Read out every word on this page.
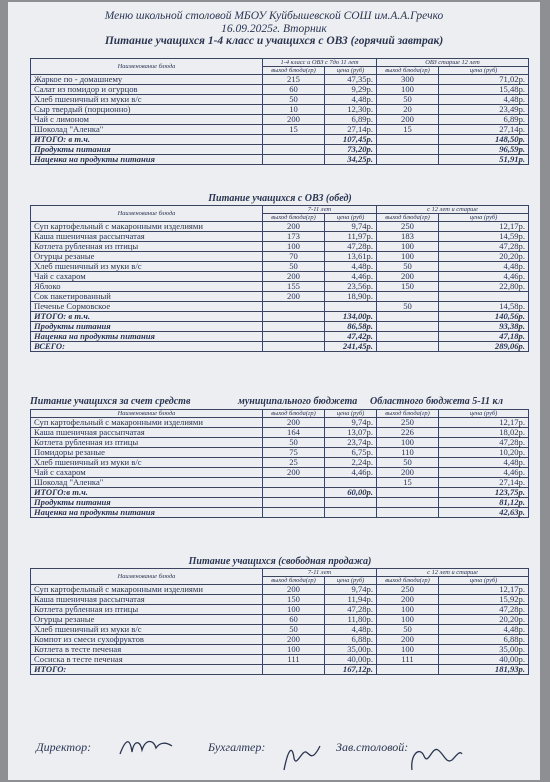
Меню школьной столовой МБОУ Куйбышевской СОШ им.А.А.Гречко
16.09.2025г. Вторник
Питание учащихся 1-4 класс и учащихся с ОВЗ (горячий завтрак)
Наименование блюда	1-4 класс и ОВЗ с 7до 11 лет		ОВЗ старше 12 лет	
	выход блюда(гр)	цена (руб)	выход блюда(гр)	цена (руб)
Жаркое по - домашнему	215	47,35р.	300	71,02р.
Салат из помидор и огурцов	60	9,29р.	100	15,48р.
Хлеб пшеничный из муки в/с	50	4,48р.	50	4,48р.
Сыр твердый (порционно)	10	12,30р.	20	23,49р.
Чай с лимоном	200	6,89р.	200	6,89р.
Шоколад "Аленка"	15	27,14р.	15	27,14р.
ИТОГО: в т.ч.		107,45р.		148,50р.
Продукты питания		73,20р.		96,59р.
Наценка на продукты питания		34,25р.		51,91р.
Питание учащихся с ОВЗ (обед)
Наименование блюда	7-11 лет		с 12 лет и старше	
	выход блюда(гр)	цена (руб)	выход блюда(гр)	цена (руб)
Суп картофельный с макаронными изделиями	200	9,74р.	250	12,17р.
Каша пшеничная рассыпчатая	173	11,97р.	183	14,59р.
Котлета рубленная из птицы	100	47,28р.	100	47,28р.
Огурцы резаные	70	13,61р.	100	20,20р.
Хлеб пшеничный из муки в/с	50	4,48р.	50	4,48р.
Чай с сахаром	200	4,46р.	200	4,46р.
Яблоко	155	23,56р.	150	22,80р.
Сок пакетированный	200	18,90р.		
Печенье Сормовское			50	14,58р.
ИТОГО: в т.ч.		134,00р.		140,56р.
Продукты питания		86,58р.		93,38р.
Наценка на продукты питания		47,42р.		47,18р.
ВСЕГО:		241,45р.		289,06р.
Питание учащихся за счет средств	муниципального бюджета Областного бюджета 5-11 кл
Наименование блюда	выход блюда(гр)	цена (руб)	выход блюда(гр)	цена (руб)
Суп картофельный с макаронными изделиями	200	9,74р.	250	12,17р.
Каша пшеничная рассыпчатая	164	13,07р.	226	18,02р.
Котлета рубленная из птицы	50	23,74р.	100	47,28р.
Помидоры резаные	75	6,75р.	110	10,20р.
Хлеб пшеничный из муки в/с	25	2,24р.	50	4,48р.
Чай с сахаром	200	4,46р.	200	4,46р.
Шоколад "Аленка"			15	27,14р.
ИТОГО:в т.ч.		60,00р.		123,75р.
Продукты питания				81,12р.
Наценка на продукты питания				42,63р.
Питание учащихся (свободная продажа)
Наименование блюда	7-11 лет		с 12 лет и старше	
	выход блюда(гр)	цена (руб)	выход блюда(гр)	цена (руб)
Суп картофельный с макаронными изделиями	200	9,74р.	250	12,17р.
Каша пшеничная рассыпчатая	150	11,94р.	200	15,92р.
Котлета рубленная из птицы	100	47,28р.	100	47,28р.
Огурцы резаные	60	11,80р.	100	20,20р.
Хлеб пшеничный из муки в/с	50	4,48р.	50	4,48р.
Компот из смеси сухофруктов	200	6,88р.	200	6,88р.
Котлета в тесте печеная	100	35,00р.	100	35,00р.
Сосиска в тесте печеная	111	40,00р.	111	40,00р.
ИТОГО:		167,12р.		181,93р.
Директор:	Бухгалтер:	Зав.столовой:
